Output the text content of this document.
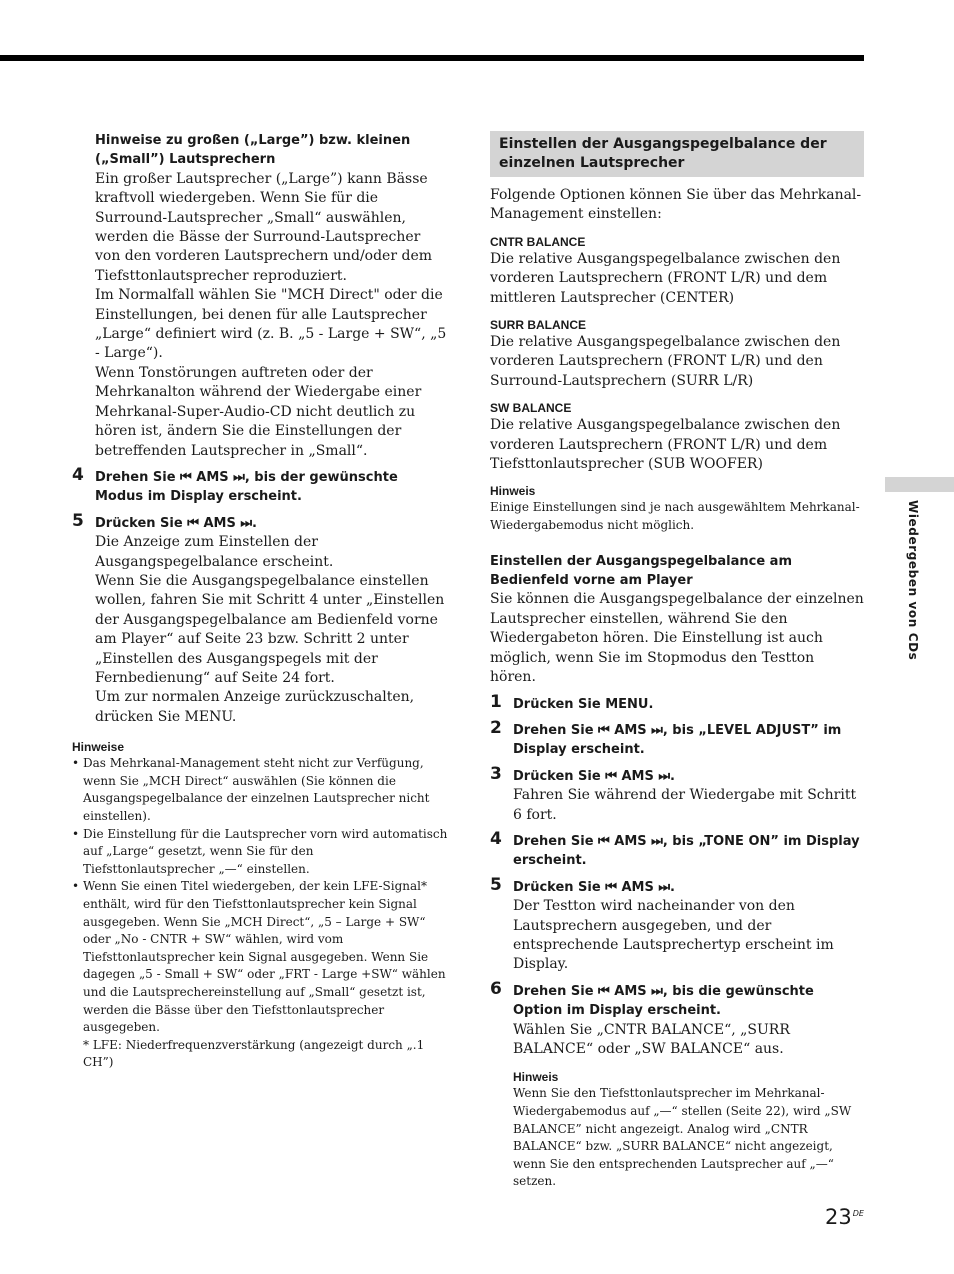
Hinweise zu großen („Large”) bzw. kleinen („Small”) Lautsprechern

Ein großer Lautsprecher („Large”) kann Bässe kraftvoll wiedergeben. Wenn Sie für die Surround-Lautsprecher „Small“ auswählen, werden die Bässe der Surround-Lautsprecher von den vorderen Lautsprechern und/oder dem Tiefsttonlautsprecher reproduziert.

Im Normalfall wählen Sie "MCH Direct" oder die Einstellungen, bei denen für alle Lautsprecher „Large“ definiert wird (z. B. „5 - Large + SW“, „5 - Large“).

Wenn Tonstörungen auftreten oder der Mehrkanalton während der Wiedergabe einer Mehrkanal-Super-Audio-CD nicht deutlich zu hören ist, ändern Sie die Einstellungen der betreffenden Lautsprecher in „Small“.

4 Drehen Sie ⏮ AMS ⏭, bis der gewünschte Modus im Display erscheint.
5 Drücken Sie ⏮ AMS ⏭.

Die Anzeige zum Einstellen der Ausgangspegelbalance erscheint.

Wenn Sie die Ausgangspegelbalance einstellen wollen, fahren Sie mit Schritt 4 unter „Einstellen der Ausgangspegelbalance am Bedienfeld vorne am Player“ auf Seite 23 bzw. Schritt 2 unter „Einstellen des Ausgangspegels mit der Fernbedienung“ auf Seite 24 fort.

Um zur normalen Anzeige zurückzuschalten, drücken Sie MENU.

Hinweise
• Das Mehrkanal-Management steht nicht zur Verfügung, wenn Sie „MCH Direct“ auswählen (Sie können die Ausgangspegelbalance der einzelnen Lautsprecher nicht einstellen).
• Die Einstellung für die Lautsprecher vorn wird automatisch auf „Large“ gesetzt, wenn Sie für den Tiefsttonlautsprecher „—“ einstellen.
• Wenn Sie einen Titel wiedergeben, der kein LFE-Signal* enthält, wird für den Tiefsttonlautsprecher kein Signal ausgegeben. Wenn Sie „MCH Direct“, „5 – Large + SW“ oder „No - CNTR + SW“ wählen, wird vom Tiefsttonlautsprecher kein Signal ausgegeben. Wenn Sie dagegen „5 - Small + SW“ oder „FRT - Large +SW“ wählen und die Lautsprechereinstellung auf „Small“ gesetzt ist, werden die Bässe über den Tiefsttonlautsprecher ausgegeben.
* LFE: Niederfrequenzverstärkung (angezeigt durch „.1 CH”)
Einstellen der Ausgangspegelbalance der einzelnen Lautsprecher

Folgende Optionen können Sie über das Mehrkanal-Management einstellen:

CNTR BALANCE

Die relative Ausgangspegelbalance zwischen den vorderen Lautsprechern (FRONT L/R) und dem mittleren Lautsprecher (CENTER)

SURR BALANCE

Die relative Ausgangspegelbalance zwischen den vorderen Lautsprechern (FRONT L/R) und den Surround-Lautsprechern (SURR L/R)

SW BALANCE

Die relative Ausgangspegelbalance zwischen den vorderen Lautsprechern (FRONT L/R) und dem Tiefsttonlautsprecher (SUB WOOFER)

Hinweis

Einige Einstellungen sind je nach ausgewähltem Mehrkanal-Wiedergabemodus nicht möglich.

Einstellen der Ausgangspegelbalance am Bedienfeld vorne am Player

Sie können die Ausgangspegelbalance der einzelnen Lautsprecher einstellen, während Sie den Wiedergabeton hören. Die Einstellung ist auch möglich, wenn Sie im Stopmodus den Testton hören.

1 Drücken Sie MENU.
2 Drehen Sie ⏮ AMS ⏭, bis „LEVEL ADJUST” im Display erscheint.
3 Drücken Sie ⏮ AMS ⏭.

Fahren Sie während der Wiedergabe mit Schritt 6 fort.

4 Drehen Sie ⏮ AMS ⏭, bis „TONE ON” im Display erscheint.
5 Drücken Sie ⏮ AMS ⏭.

Der Testton wird nacheinander von den Lautsprechern ausgegeben, und der entsprechende Lautsprechertyp erscheint im Display.

6 Drehen Sie ⏮ AMS ⏭, bis die gewünschte Option im Display erscheint.

Wählen Sie „CNTR BALANCE“, „SURR BALANCE“ oder „SW BALANCE“ aus.

Hinweis

Wenn Sie den Tiefsttonlautsprecher im Mehrkanal-Wiedergabemodus auf „—“ stellen (Seite 22), wird „SW BALANCE” nicht angezeigt. Analog wird „CNTR BALANCE“ bzw. „SURR BALANCE“ nicht angezeigt, wenn Sie den entsprechenden Lautsprecher auf „—“ setzen.

Wiedergeben von CDs
23DE
